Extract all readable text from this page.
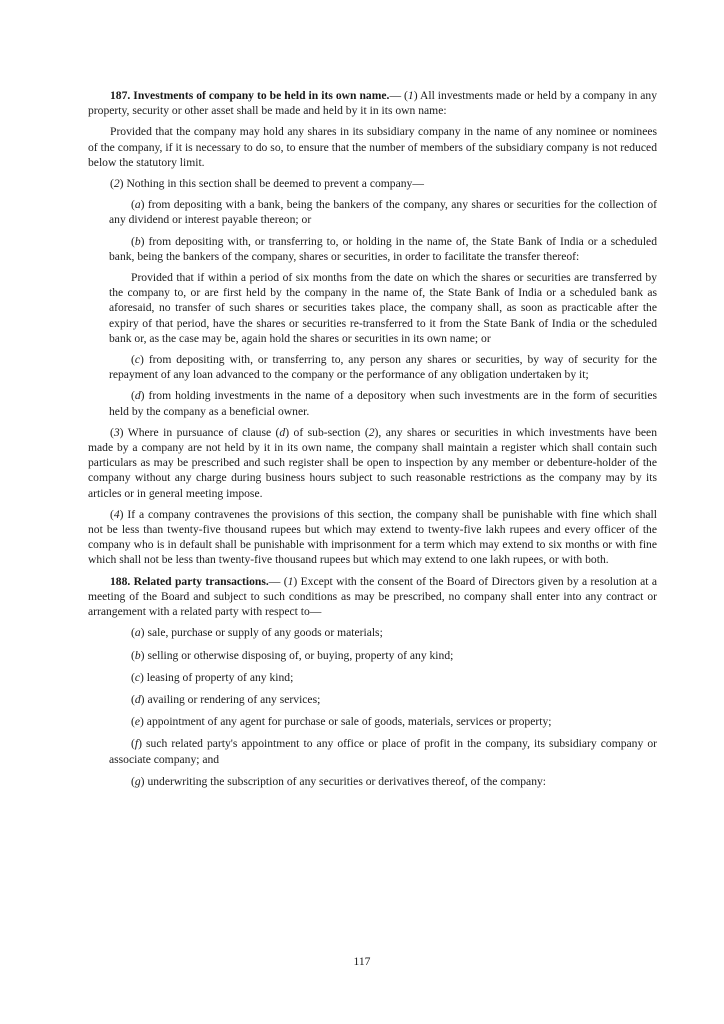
187. Investments of company to be held in its own name.— (1) All investments made or held by a company in any property, security or other asset shall be made and held by it in its own name:

Provided that the company may hold any shares in its subsidiary company in the name of any nominee or nominees of the company, if it is necessary to do so, to ensure that the number of members of the subsidiary company is not reduced below the statutory limit.

(2) Nothing in this section shall be deemed to prevent a company—

(a) from depositing with a bank, being the bankers of the company, any shares or securities for the collection of any dividend or interest payable thereon; or

(b) from depositing with, or transferring to, or holding in the name of, the State Bank of India or a scheduled bank, being the bankers of the company, shares or securities, in order to facilitate the transfer thereof:

Provided that if within a period of six months from the date on which the shares or securities are transferred by the company to, or are first held by the company in the name of, the State Bank of India or a scheduled bank as aforesaid, no transfer of such shares or securities takes place, the company shall, as soon as practicable after the expiry of that period, have the shares or securities re-transferred to it from the State Bank of India or the scheduled bank or, as the case may be, again hold the shares or securities in its own name; or

(c) from depositing with, or transferring to, any person any shares or securities, by way of security for the repayment of any loan advanced to the company or the performance of any obligation undertaken by it;

(d) from holding investments in the name of a depository when such investments are in the form of securities held by the company as a beneficial owner.

(3) Where in pursuance of clause (d) of sub-section (2), any shares or securities in which investments have been made by a company are not held by it in its own name, the company shall maintain a register which shall contain such particulars as may be prescribed and such register shall be open to inspection by any member or debenture-holder of the company without any charge during business hours subject to such reasonable restrictions as the company may by its articles or in general meeting impose.

(4) If a company contravenes the provisions of this section, the company shall be punishable with fine which shall not be less than twenty-five thousand rupees but which may extend to twenty-five lakh rupees and every officer of the company who is in default shall be punishable with imprisonment for a term which may extend to six months or with fine which shall not be less than twenty-five thousand rupees but which may extend to one lakh rupees, or with both.

188. Related party transactions.— (1) Except with the consent of the Board of Directors given by a resolution at a meeting of the Board and subject to such conditions as may be prescribed, no company shall enter into any contract or arrangement with a related party with respect to—

(a) sale, purchase or supply of any goods or materials;

(b) selling or otherwise disposing of, or buying, property of any kind;

(c) leasing of property of any kind;

(d) availing or rendering of any services;

(e) appointment of any agent for purchase or sale of goods, materials, services or property;

(f) such related party's appointment to any office or place of profit in the company, its subsidiary company or associate company; and

(g) underwriting the subscription of any securities or derivatives thereof, of the company:

117
